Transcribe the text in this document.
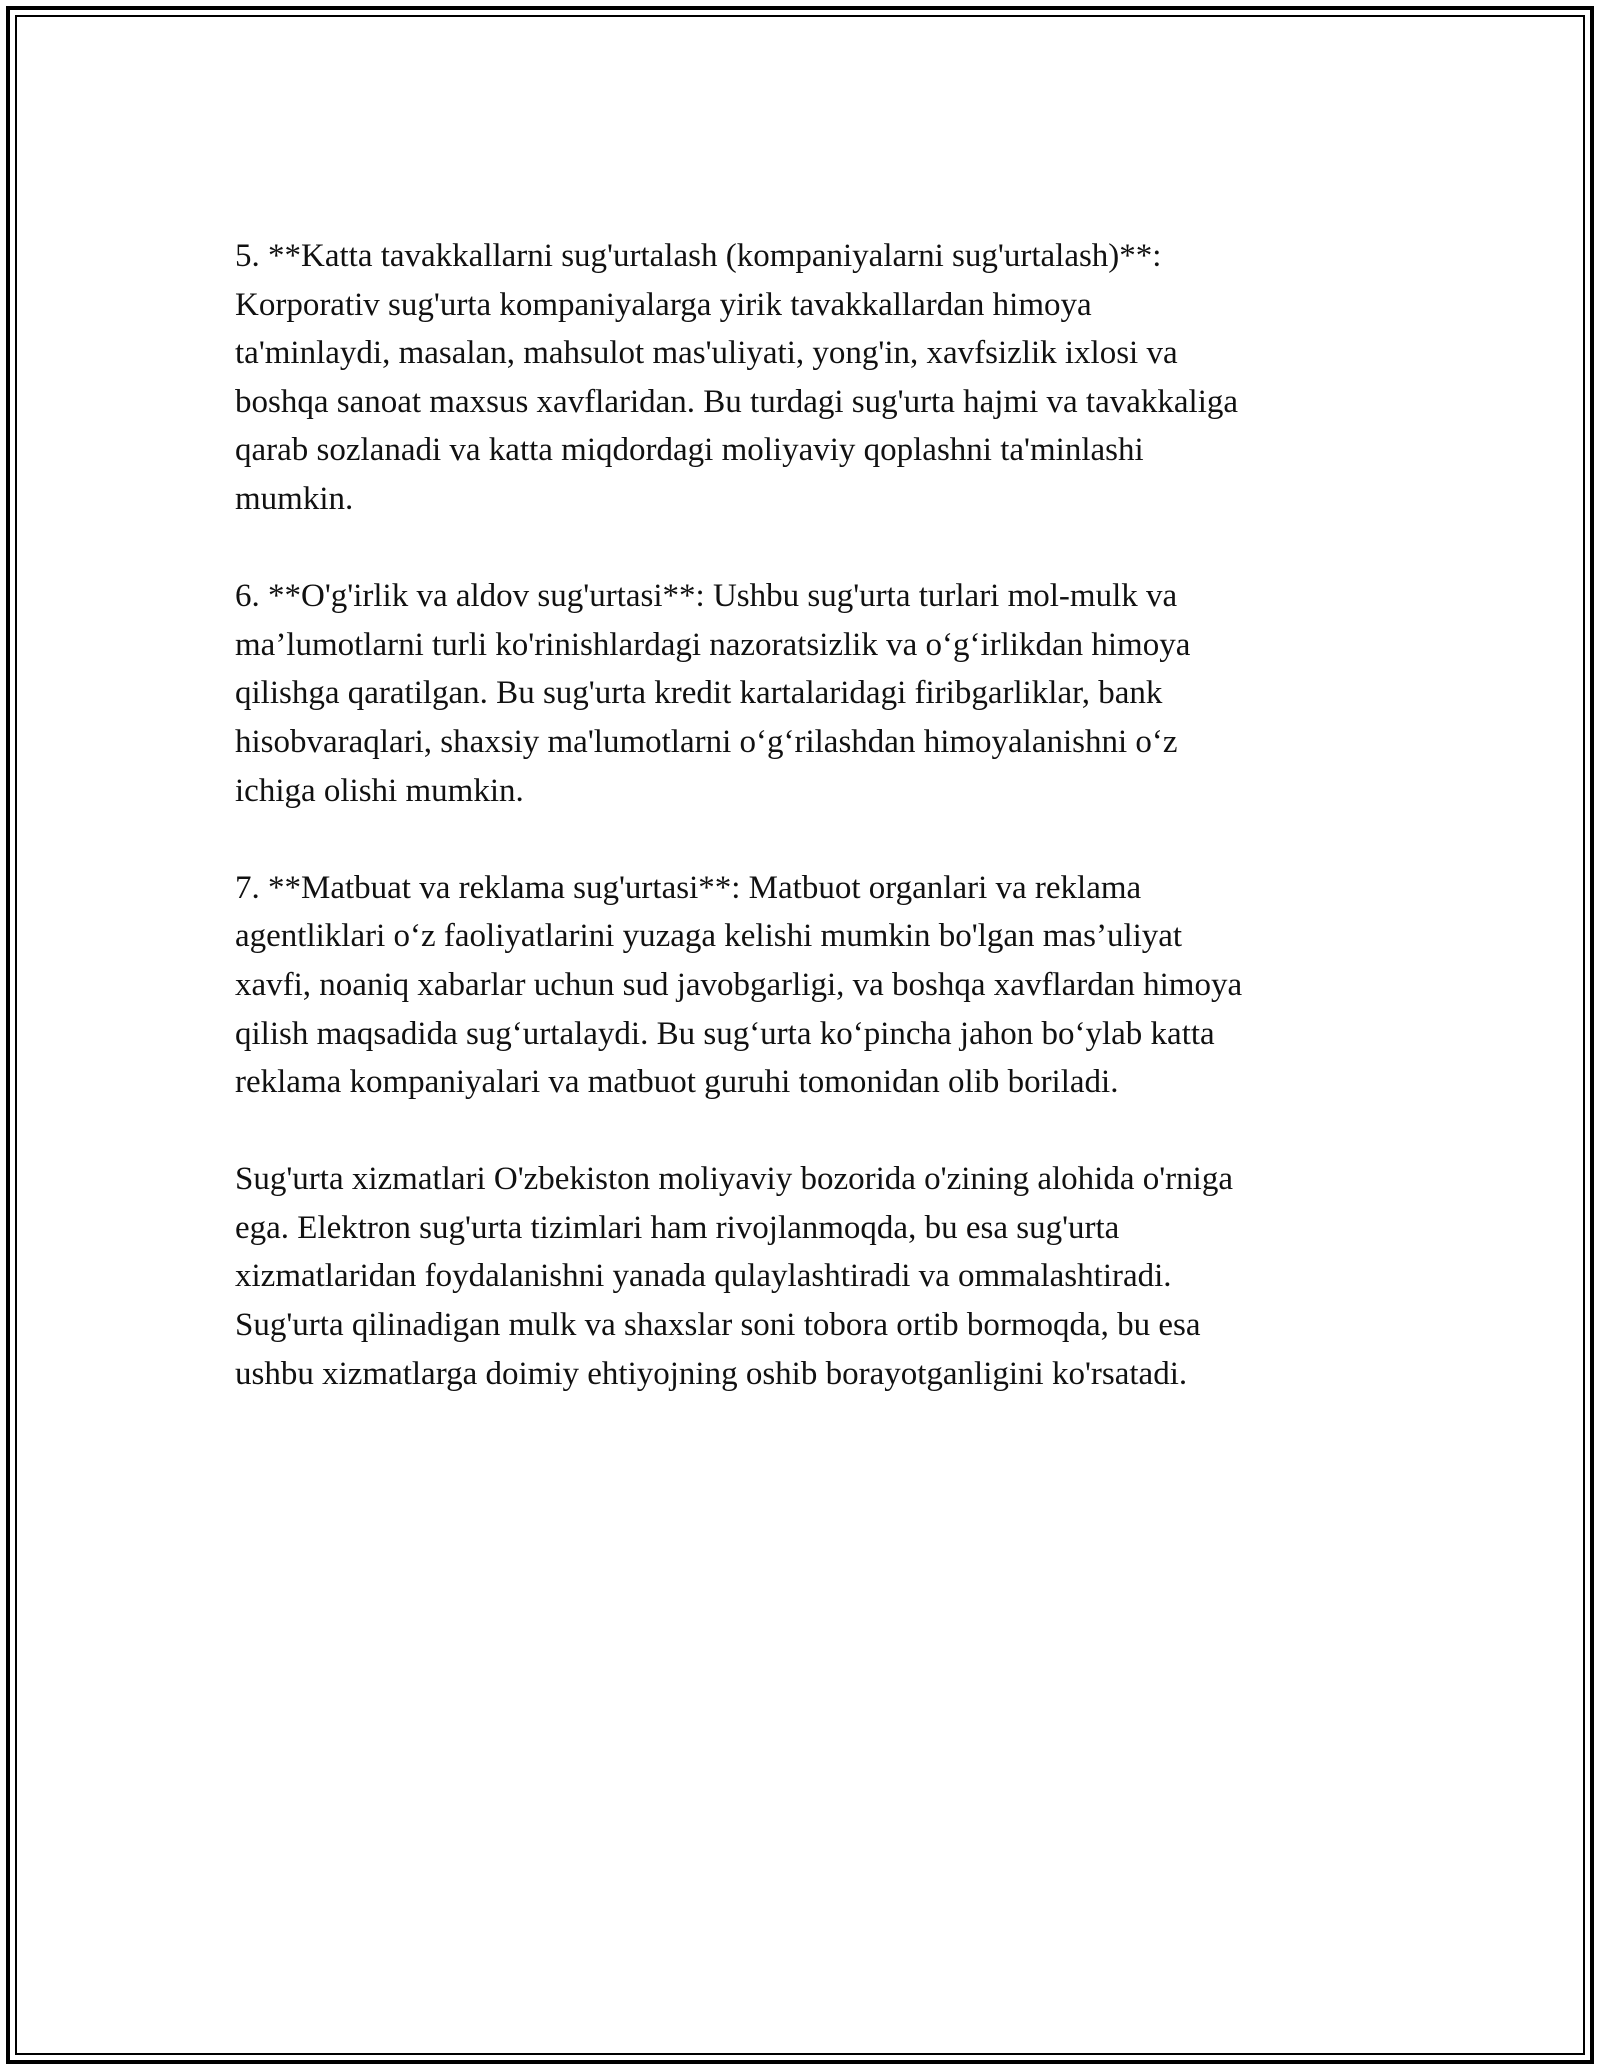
5. **Katta tavakkallarni sug'urtalash (kompaniyalarni sug'urtalash)**:
Korporativ sug'urta kompaniyalarga yirik tavakkallardan himoya
ta'minlaydi, masalan, mahsulot mas'uliyati, yong'in, xavfsizlik ixlosi va
boshqa sanoat maxsus xavflaridan. Bu turdagi sug'urta hajmi va tavakkaliga
qarab sozlanadi va katta miqdordagi moliyaviy qoplashni ta'minlashi
mumkin.

6. **O'g'irlik va aldov sug'urtasi**: Ushbu sug'urta turlari mol-mulk va
ma’lumotlarni turli ko'rinishlardagi nazoratsizlik va o‘g‘irlikdan himoya
qilishga qaratilgan. Bu sug'urta kredit kartalaridagi firibgarliklar, bank
hisobvaraqlari, shaxsiy ma'lumotlarni o‘g‘rilashdan himoyalanishni o‘z
ichiga olishi mumkin.

7. **Matbuat va reklama sug'urtasi**: Matbuot organlari va reklama
agentliklari o‘z faoliyatlarini yuzaga kelishi mumkin bo'lgan mas’uliyat
xavfi, noaniq xabarlar uchun sud javobgarligi, va boshqa xavflardan himoya
qilish maqsadida sug‘urtalaydi. Bu sug‘urta ko‘pincha jahon bo‘ylab katta
reklama kompaniyalari va matbuot guruhi tomonidan olib boriladi.

Sug'urta xizmatlari O'zbekiston moliyaviy bozorida o'zining alohida o'rniga
ega. Elektron sug'urta tizimlari ham rivojlanmoqda, bu esa sug'urta
xizmatlaridan foydalanishni yanada qulaylashtiradi va ommalashtiradi.
Sug'urta qilinadigan mulk va shaxslar soni tobora ortib bormoqda, bu esa
ushbu xizmatlarga doimiy ehtiyojning oshib borayotganligini ko'rsatadi.
